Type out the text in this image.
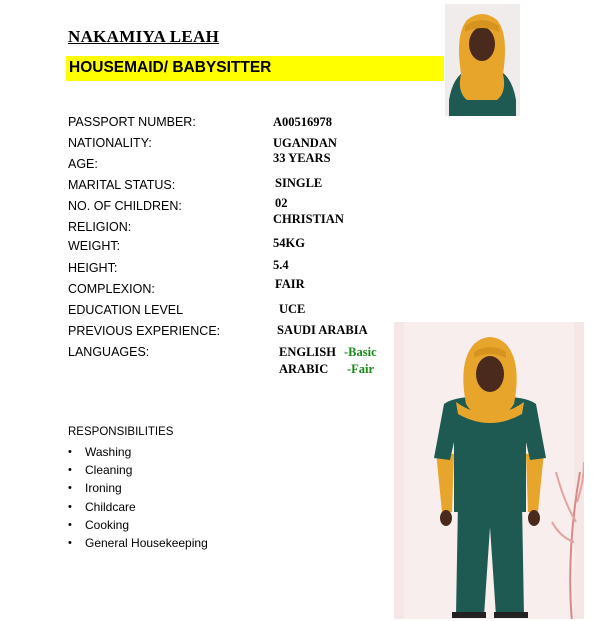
NAKAMIYA LEAH
HOUSEMAID/ BABYSITTER
PASSPORT NUMBER:
NATIONALITY:
AGE:
MARITAL STATUS:
NO. OF CHILDREN:
RELIGION:
WEIGHT:
HEIGHT:
COMPLEXION:
EDUCATION LEVEL
PREVIOUS EXPERIENCE:
LANGUAGES:
A00516978
UGANDAN
33 YEARS
SINGLE
02
CHRISTIAN
54KG
5.4
FAIR
UCE
SAUDI ARABIA
ENGLISH -Basic
ARABIC -Fair
RESPONSIBILITIES
• Washing
• Cleaning
• Ironing
• Childcare
• Cooking
• General Housekeeping
